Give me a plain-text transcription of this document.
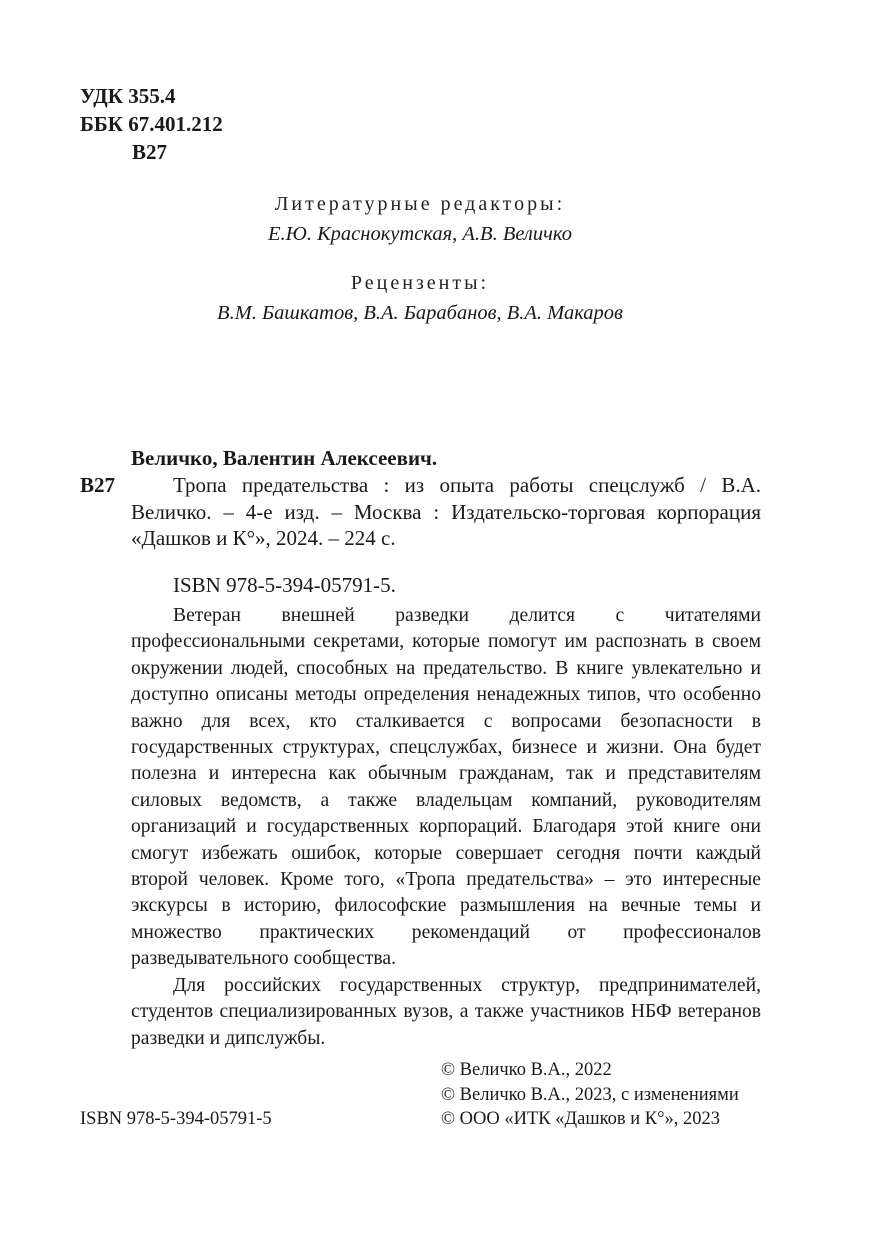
УДК 355.4
ББК 67.401.212
В27
Литературные редакторы:
Е.Ю. Краснокутская, А.В. Величко
Рецензенты:
В.М. Башкатов, В.А. Барабанов, В.А. Макаров
Величко, Валентин Алексеевич.
В27	Тропа предательства : из опыта работы спецслужб / В.А. Величко. – 4-е изд. – Москва : Издательско-торговая корпорация «Дашков и К°», 2024. – 224 с.
ISBN 978-5-394-05791-5.

Ветеран внешней разведки делится с читателями профессиональными секретами, которые помогут им распознать в своем окружении людей, способных на предательство. В книге увлекательно и доступно описаны методы определения ненадежных типов, что особенно важно для всех, кто сталкивается с вопросами безопасности в государственных структурах, спецслужбах, бизнесе и жизни. Она будет полезна и интересна как обычным гражданам, так и представителям силовых ведомств, а также владельцам компаний, руководителям организаций и государственных корпораций. Благодаря этой книге они смогут избежать ошибок, которые совершает сегодня почти каждый второй человек. Кроме того, «Тропа предательства» – это интересные экскурсы в историю, философские размышления на вечные темы и множество практических рекомендаций от профессионалов разведывательного сообщества.

Для российских государственных структур, предпринимателей, студентов специализированных вузов, а также участников НБФ ветеранов разведки и дипслужбы.

© Величко В.А., 2022
© Величко В.А., 2023, с изменениями
© ООО «ИТК «Дашков и К°», 2023
ISBN 978-5-394-05791-5
